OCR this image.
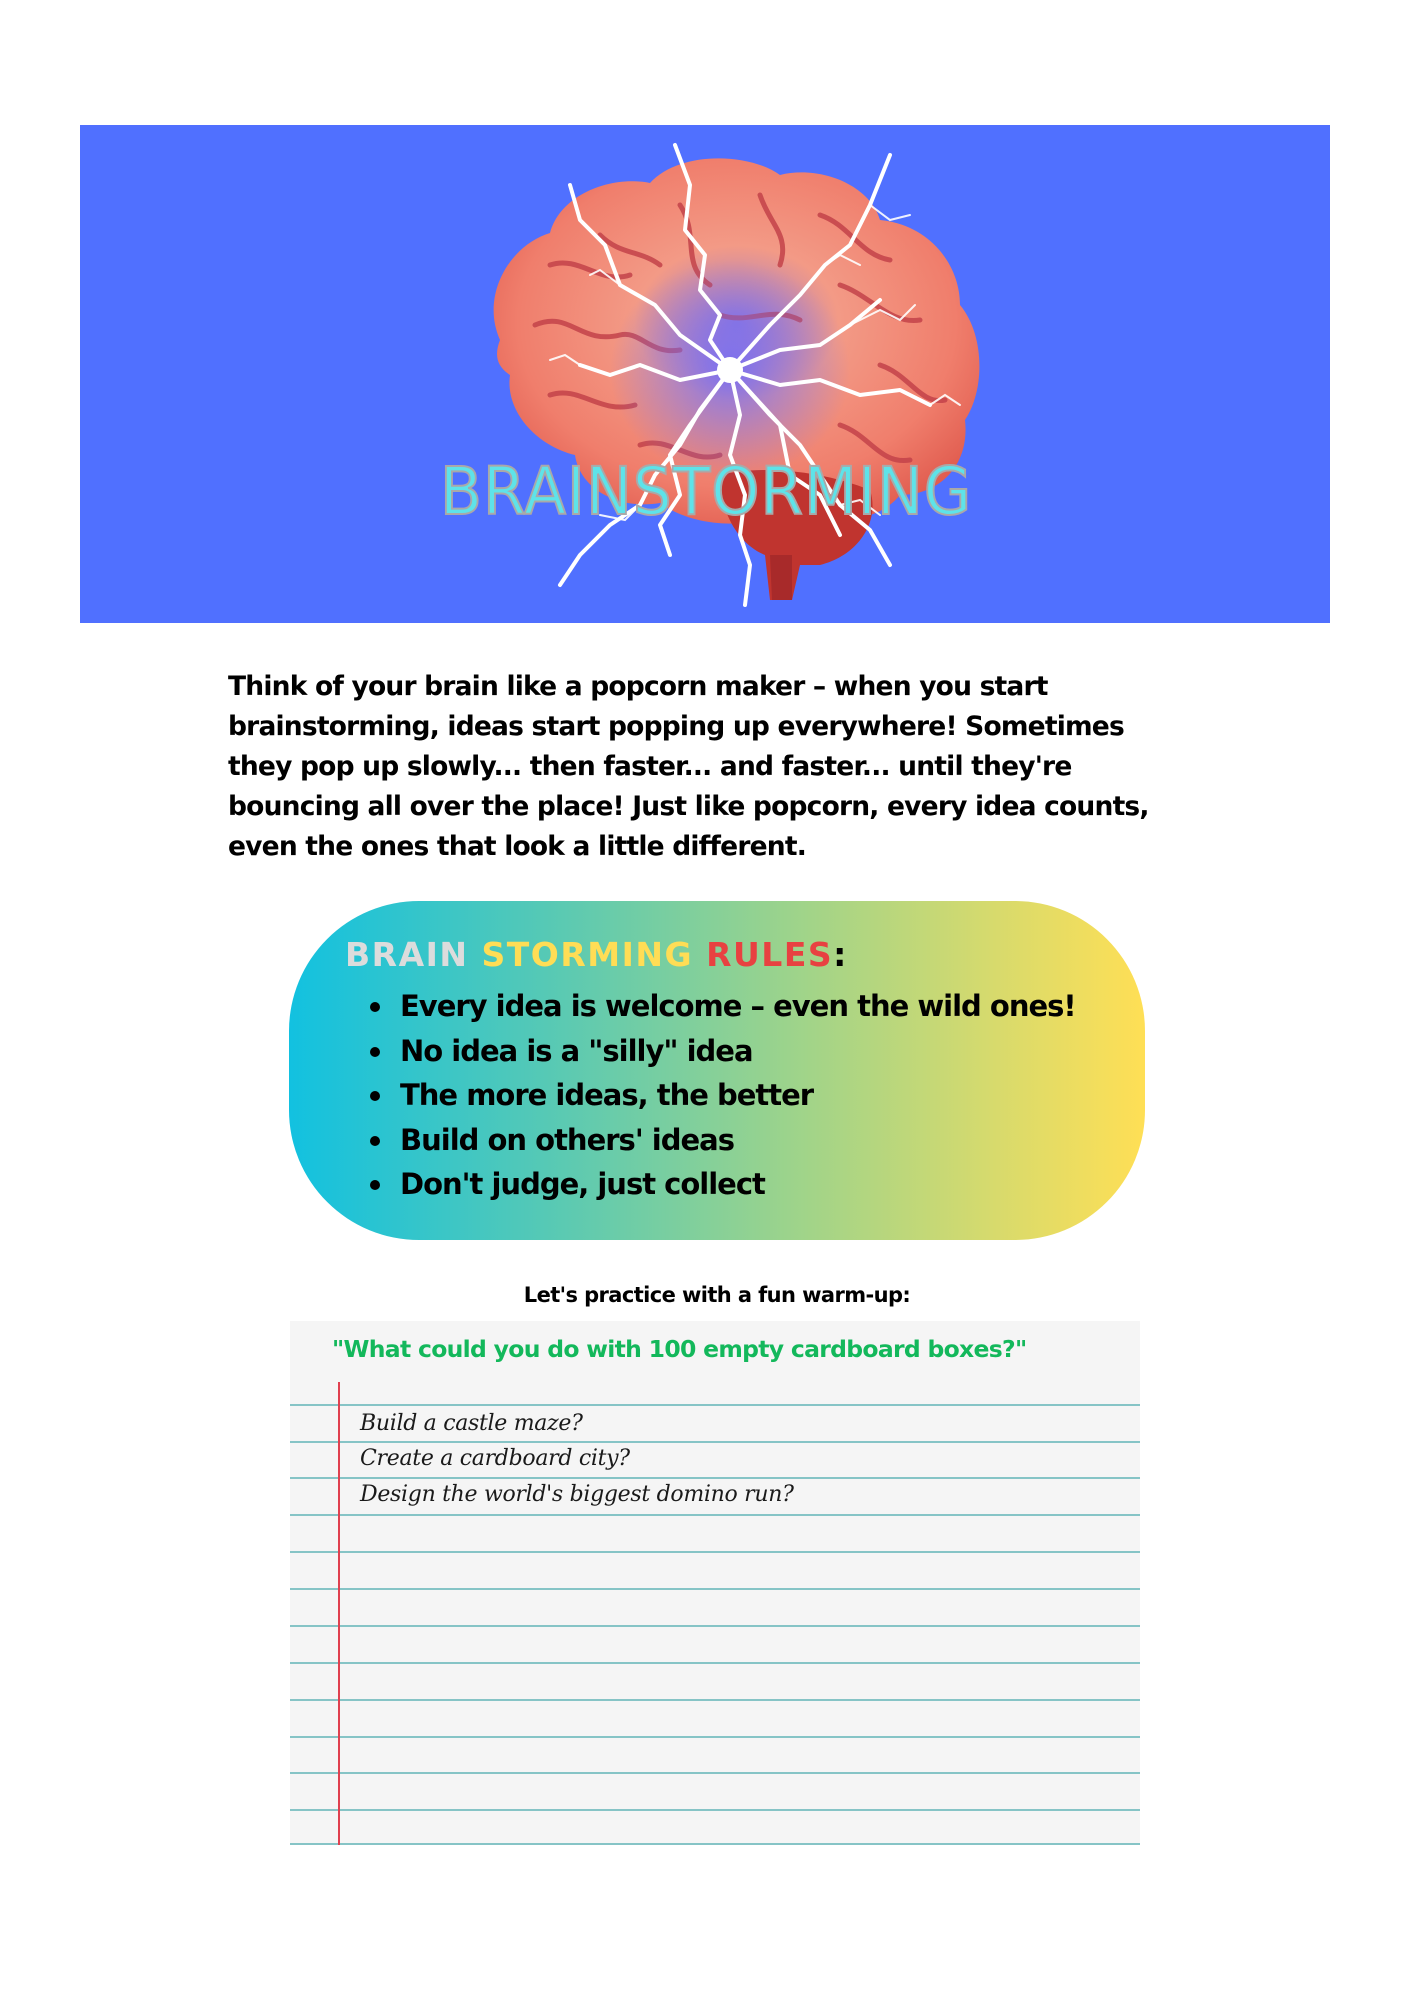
BRAINSTORMING
Think of your brain like a popcorn maker – when you start
brainstorming, ideas start popping up everywhere! Sometimes
they pop up slowly... then faster... and faster... until they're
bouncing all over the place! Just like popcorn, every idea counts,
even the ones that look a little different.
BRAIN STORMING RULES:
Every idea is welcome – even the wild ones!
No idea is a "silly" idea
The more ideas, the better
Build on others' ideas
Don't judge, just collect
Let's practice with a fun warm-up:
"What could you do with 100 empty cardboard boxes?"
Build a castle maze?
Create a cardboard city?
Design the world's biggest domino run?
